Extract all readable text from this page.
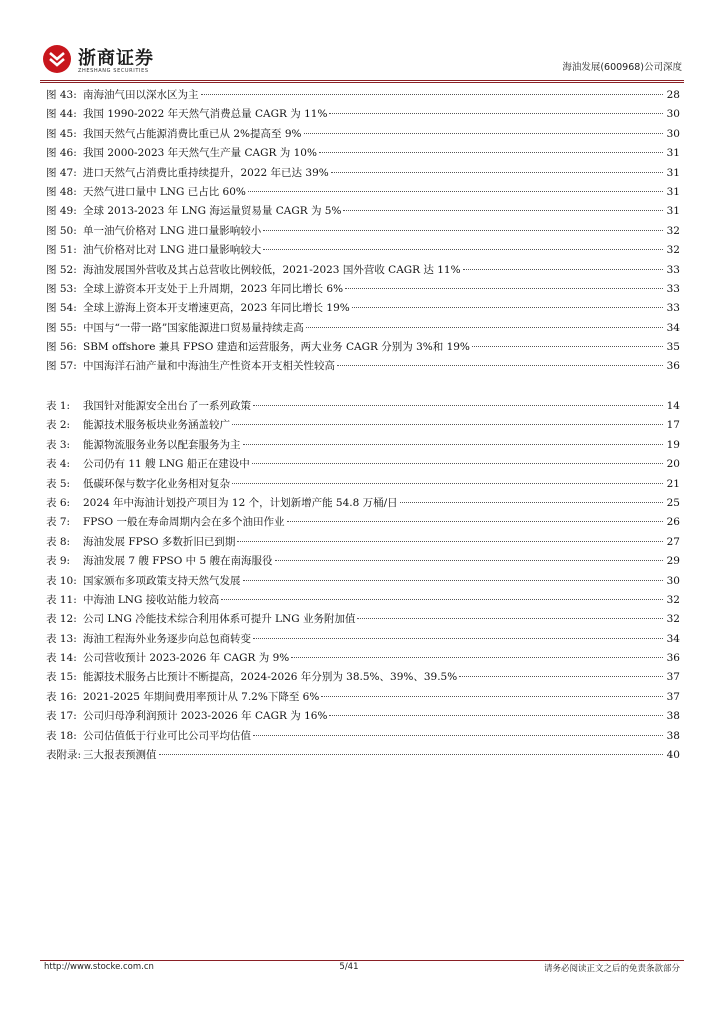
浙商证券
ZHESHANG SECURITIES	海油发展(600968)公司深度
图 43: 南海油气田以深水区为主	28
图 44: 我国 1990-2022 年天然气消费总量 CAGR 为 11%	30
图 45: 我国天然气占能源消费比重已从 2%提高至 9%	30
图 46: 我国 2000-2023 年天然气生产量 CAGR 为 10%	31
图 47: 进口天然气占消费比重持续提升，2022 年已达 39%	31
图 48: 天然气进口量中 LNG 已占比 60%	31
图 49: 全球 2013-2023 年 LNG 海运量贸易量 CAGR 为 5%	31
图 50: 单一油气价格对 LNG 进口量影响较小	32
图 51: 油气价格对比对 LNG 进口量影响较大	32
图 52: 海油发展国外营收及其占总营收比例较低，2021-2023 国外营收 CAGR 达 11%	33
图 53: 全球上游资本开支处于上升周期，2023 年同比增长 6%	33
图 54: 全球上游海上资本开支增速更高，2023 年同比增长 19%	33
图 55: 中国与“一带一路”国家能源进口贸易量持续走高	34
图 56: SBM offshore 兼具 FPSO 建造和运营服务，两大业务 CAGR 分别为 3%和 19%	35
图 57: 中国海洋石油产量和中海油生产性资本开支相关性较高	36
表 1:	我国针对能源安全出台了一系列政策	14
表 2:	能源技术服务板块业务涵盖较广	17
表 3:	能源物流服务业务以配套服务为主	19
表 4:	公司仍有 11 艘 LNG 船正在建设中	20
表 5:	低碳环保与数字化业务相对复杂	21
表 6:	2024 年中海油计划投产项目为 12 个，计划新增产能 54.8 万桶/日	25
表 7:	FPSO 一般在寿命周期内会在多个油田作业	26
表 8:	海油发展 FPSO 多数折旧已到期	27
表 9:	海油发展 7 艘 FPSO 中 5 艘在南海服役	29
表 10: 国家颁布多项政策支持天然气发展	30
表 11: 中海油 LNG 接收站能力较高	32
表 12: 公司 LNG 冷能技术综合利用体系可提升 LNG 业务附加值	32
表 13: 海油工程海外业务逐步向总包商转变	34
表 14: 公司营收预计 2023-2026 年 CAGR 为 9%	36
表 15: 能源技术服务占比预计不断提高，2024-2026 年分别为 38.5%、39%、39.5%	37
表 16: 2021-2025 年期间费用率预计从 7.2%下降至 6%	37
表 17: 公司归母净利润预计 2023-2026 年 CAGR 为 16%	38
表 18: 公司估值低于行业可比公司平均估值	38
表附录: 三大报表预测值	40
http://www.stocke.com.cn	5/41	请务必阅读正文之后的免责条款部分
